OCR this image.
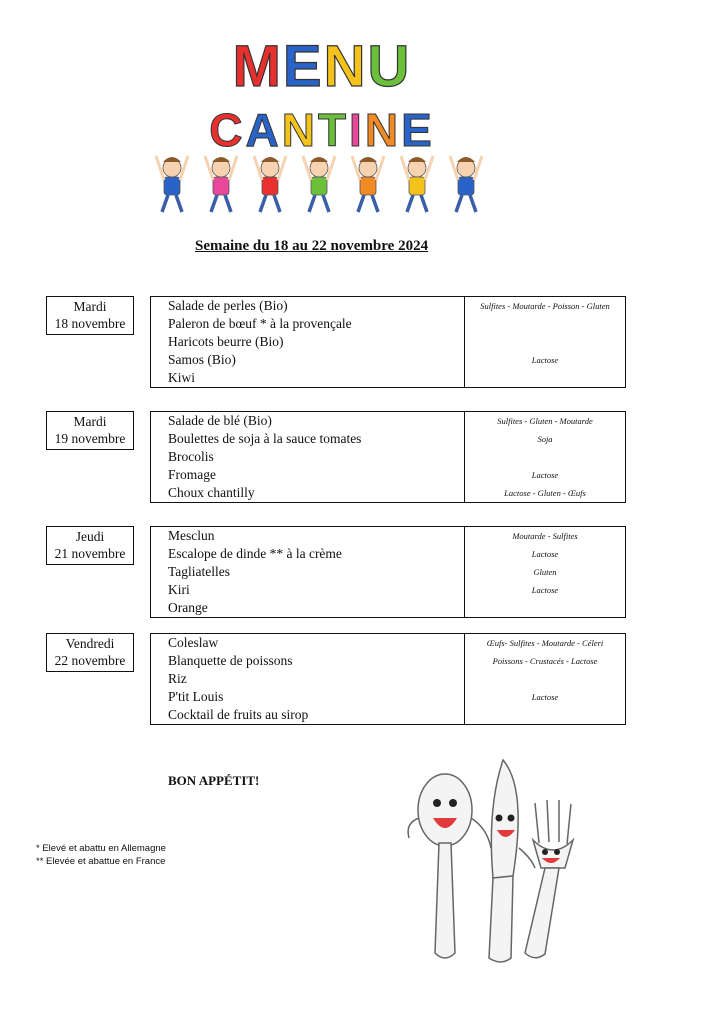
MENU
CANTINE
Semaine du 18 au 22 novembre 2024
Mardi
18 novembre
Salade de perles (Bio)
Paleron de bœuf * à la provençale
Haricots beurre (Bio)
Samos (Bio)
Kiwi
Sulfites - Moutarde - Poisson - Gluten
Lactose
Mardi
19 novembre
Salade de blé (Bio)
Boulettes de soja à la sauce tomates
Brocolis
Fromage
Choux chantilly
Sulfites - Gluten - Moutarde
Soja
Lactose
Lactose - Gluten - Œufs
Jeudi
21 novembre
Mesclun
Escalope de dinde ** à la crème
Tagliatelles
Kiri
Orange
Moutarde - Sulfites
Lactose
Gluten
Lactose
Vendredi
22 novembre
Coleslaw
Blanquette de poissons
Riz
P'tit Louis
Cocktail de fruits au sirop
Œufs- Sulfites - Moutarde - Céleri
Poissons - Crustacés - Lactose
Lactose
BON APPÉTIT!
* Elevé et abattu en Allemagne
** Elevée et abattue en France
